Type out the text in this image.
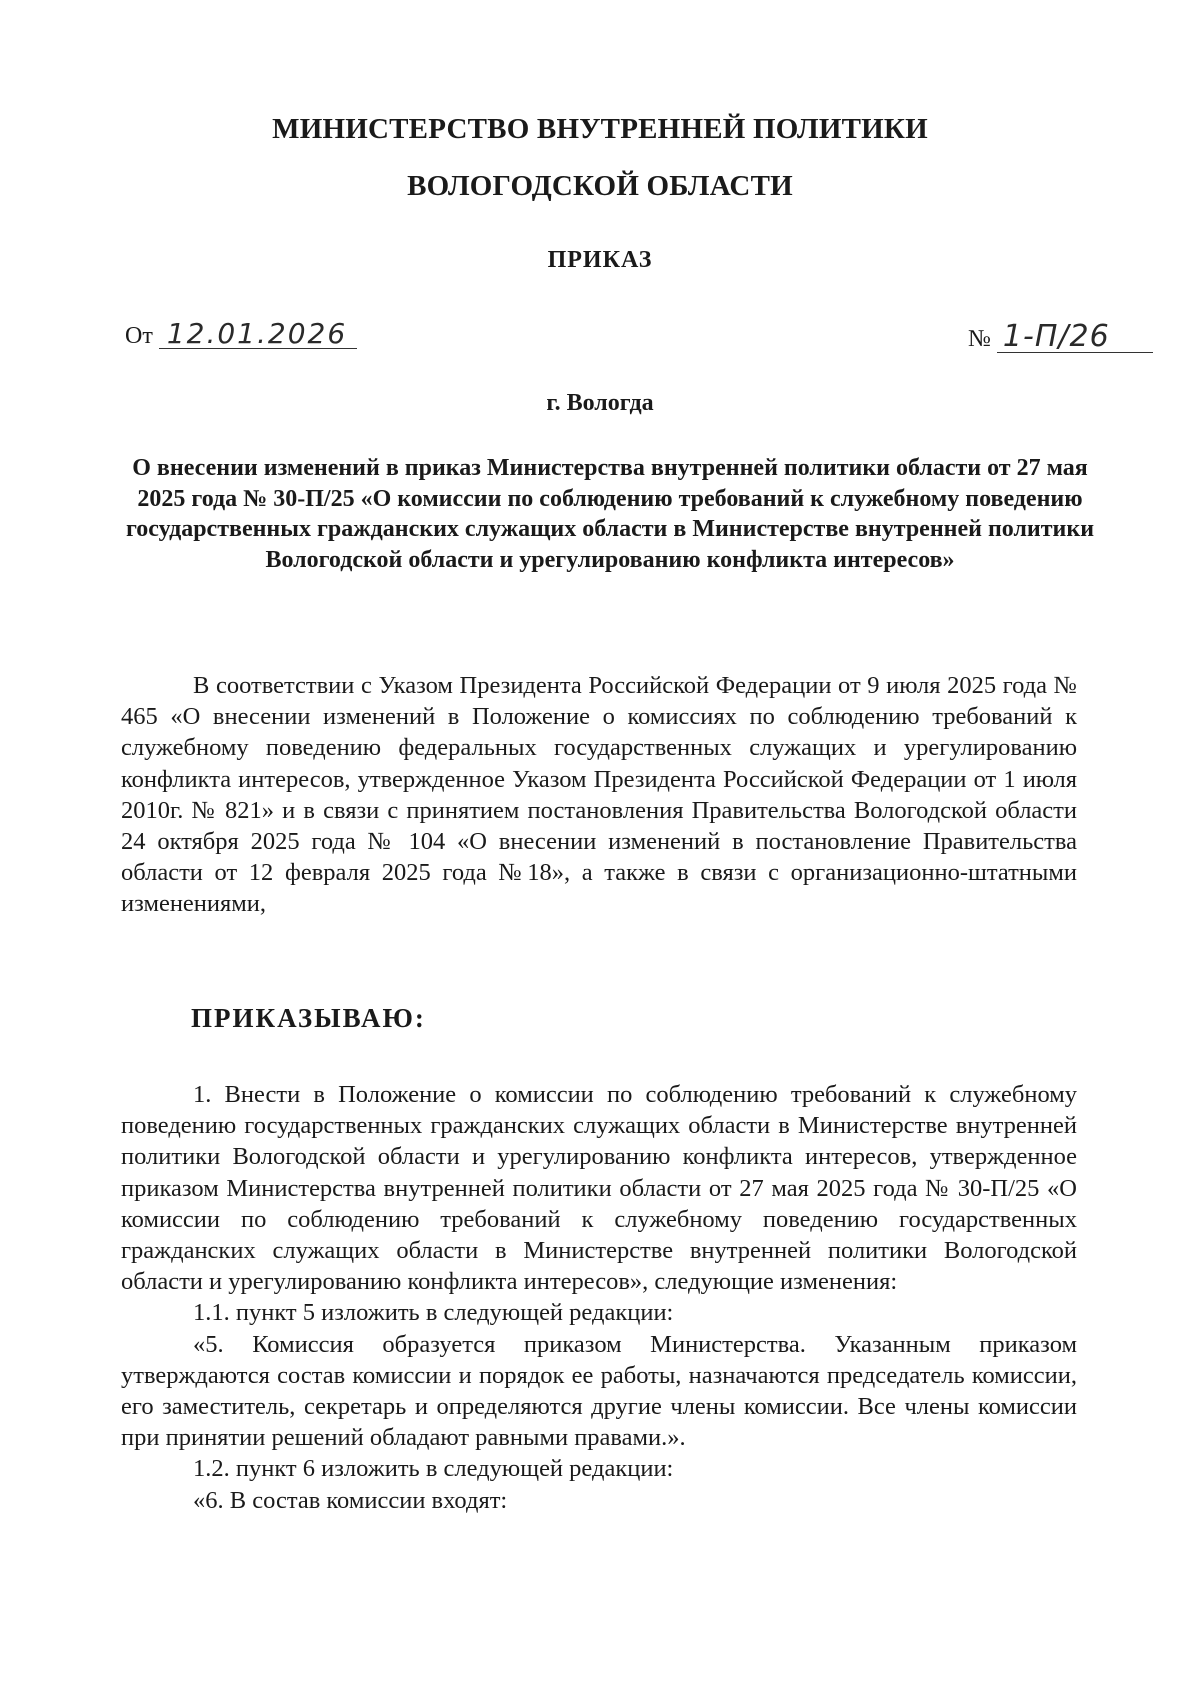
МИНИСТЕРСТВО ВНУТРЕННЕЙ ПОЛИТИКИ
ВОЛОГОДСКОЙ ОБЛАСТИ
ПРИКАЗ
От 12.01.2026	№ 1-П/26
г. Вологда
О внесении изменений в приказ Министерства внутренней политики области от 27 мая 2025 года № 30-П/25 «О комиссии по соблюдению требований к служебному поведению государственных гражданских служащих области в Министерстве внутренней политики Вологодской области и урегулированию конфликта интересов»

В соответствии с Указом Президента Российской Федерации от 9 июля 2025 года № 465 «О внесении изменений в Положение о комиссиях по соблюдению требований к служебному поведению федеральных государственных служащих и урегулированию конфликта интересов, утвержденное Указом Президента Российской Федерации от 1 июля 2010г. № 821» и в связи с принятием постановления Правительства Вологодской области 24 октября 2025 года № 104 «О внесении изменений в постановление Правительства области от 12 февраля 2025 года №18», а также в связи с организационно-штатными изменениями,

ПРИКАЗЫВАЮ:

1. Внести в Положение о комиссии по соблюдению требований к служебному поведению государственных гражданских служащих области в Министерстве внутренней политики Вологодской области и урегулированию конфликта интересов, утвержденное приказом Министерства внутренней политики области от 27 мая 2025 года № 30-П/25 «О комиссии по соблюдению требований к служебному поведению государственных гражданских служащих области в Министерстве внутренней политики Вологодской области и урегулированию конфликта интересов», следующие изменения:

1.1. пункт 5 изложить в следующей редакции:

«5. Комиссия образуется приказом Министерства. Указанным приказом утверждаются состав комиссии и порядок ее работы, назначаются председатель комиссии, его заместитель, секретарь и определяются другие члены комиссии. Все члены комиссии при принятии решений обладают равными правами.».

1.2. пункт 6 изложить в следующей редакции:

«6. В состав комиссии входят:
